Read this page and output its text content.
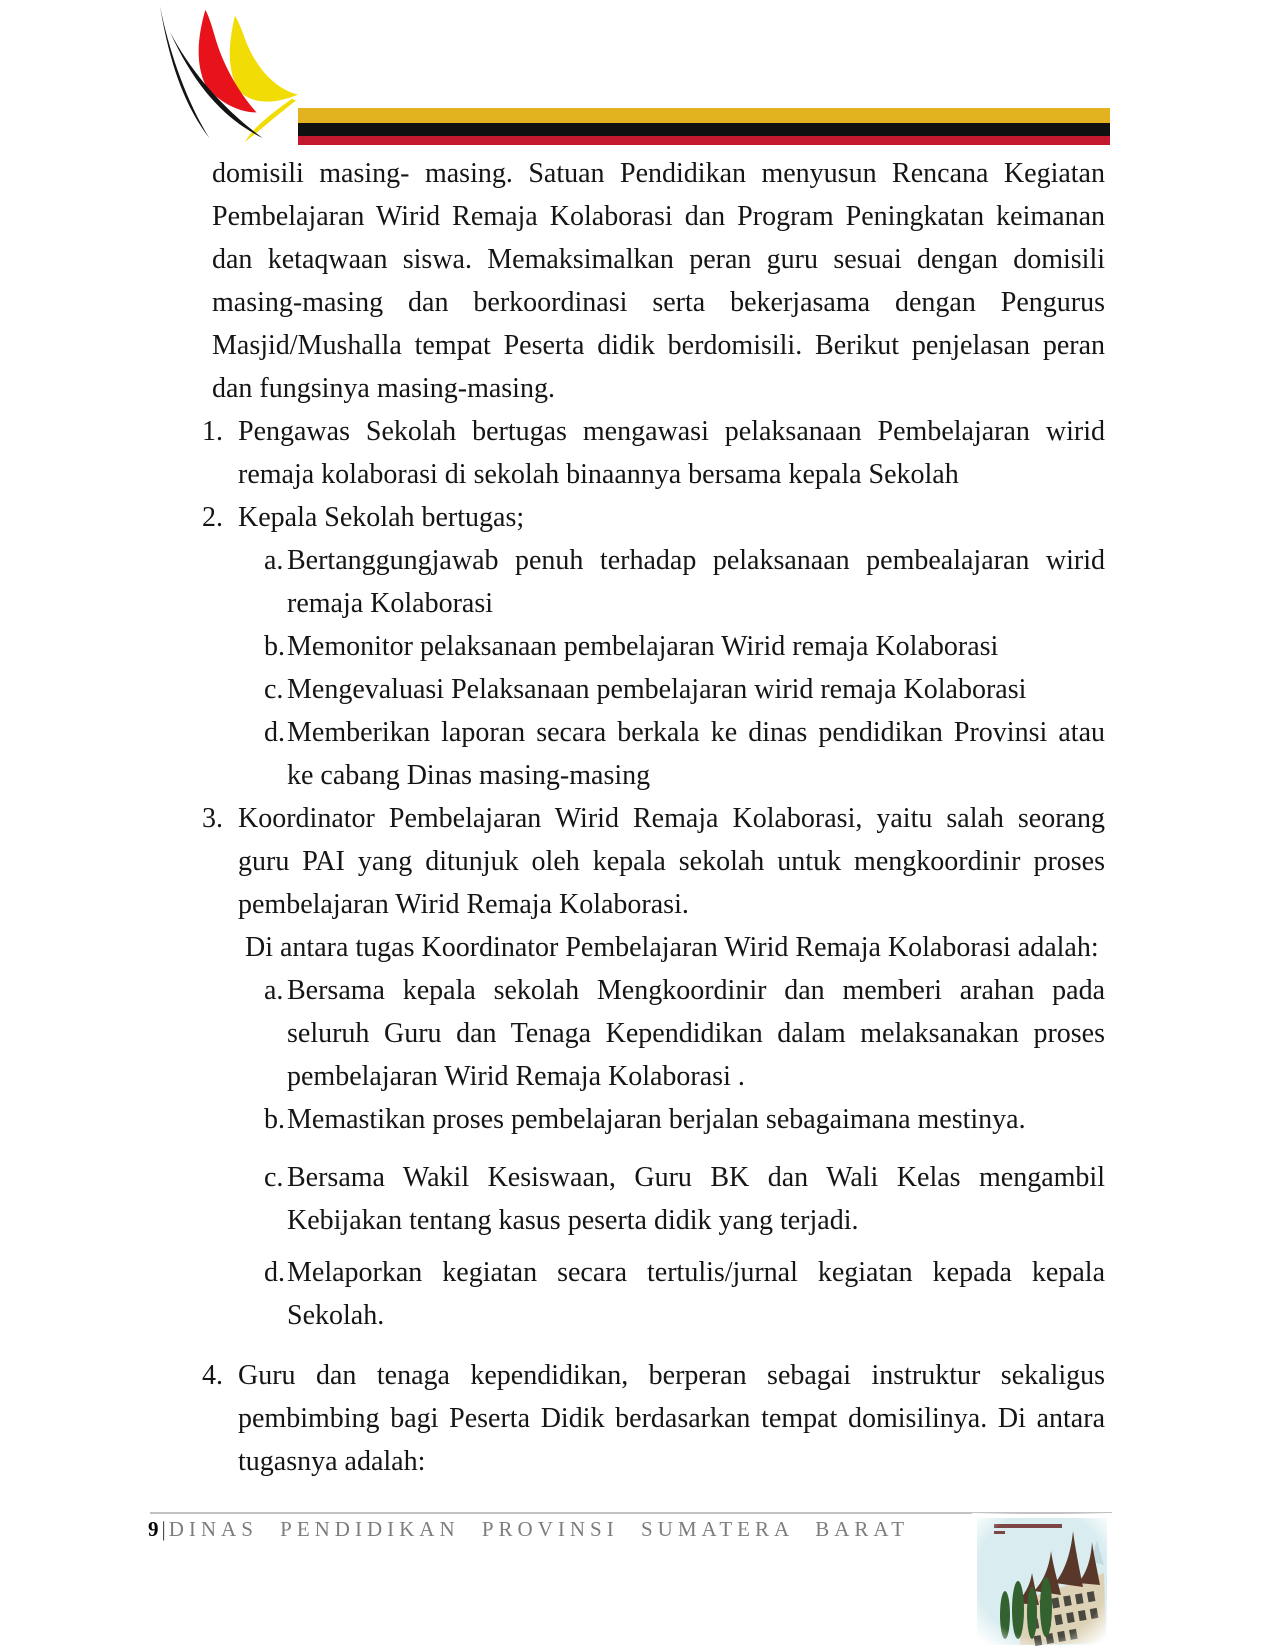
domisili masing- masing. Satuan Pendidikan menyusun Rencana Kegiatan Pembelajaran Wirid Remaja Kolaborasi dan Program Peningkatan keimanan dan ketaqwaan siswa. Memaksimalkan peran guru sesuai dengan domisili masing-masing dan berkoordinasi serta bekerjasama dengan Pengurus Masjid/Mushalla tempat Peserta didik berdomisili. Berikut penjelasan peran dan fungsinya masing-masing.

1. Pengawas Sekolah bertugas mengawasi pelaksanaan Pembelajaran wirid remaja kolaborasi di sekolah binaannya bersama kepala Sekolah
2. Kepala Sekolah bertugas;
a. Bertanggungjawab penuh terhadap pelaksanaan pembealajaran wirid remaja Kolaborasi
b. Memonitor pelaksanaan pembelajaran Wirid remaja Kolaborasi
c. Mengevaluasi Pelaksanaan pembelajaran wirid remaja Kolaborasi
d. Memberikan laporan secara berkala ke dinas pendidikan Provinsi atau ke cabang Dinas masing-masing
3. Koordinator Pembelajaran Wirid Remaja Kolaborasi, yaitu salah seorang guru PAI yang ditunjuk oleh kepala sekolah untuk mengkoordinir proses pembelajaran Wirid Remaja Kolaborasi.

Di antara tugas Koordinator Pembelajaran Wirid Remaja Kolaborasi adalah:

a. Bersama kepala sekolah Mengkoordinir dan memberi arahan pada seluruh Guru dan Tenaga Kependidikan dalam melaksanakan proses pembelajaran Wirid Remaja Kolaborasi .
b. Memastikan proses pembelajaran berjalan sebagaimana mestinya.
c. Bersama Wakil Kesiswaan, Guru BK dan Wali Kelas mengambil Kebijakan tentang kasus peserta didik yang terjadi.
d. Melaporkan kegiatan secara tertulis/jurnal kegiatan kepada kepala Sekolah.
4. Guru dan tenaga kependidikan, berperan sebagai instruktur sekaligus pembimbing bagi Peserta Didik berdasarkan tempat domisilinya. Di antara tugasnya adalah:
9| DINAS PENDIDIKAN PROVINSI SUMATERA BARAT
